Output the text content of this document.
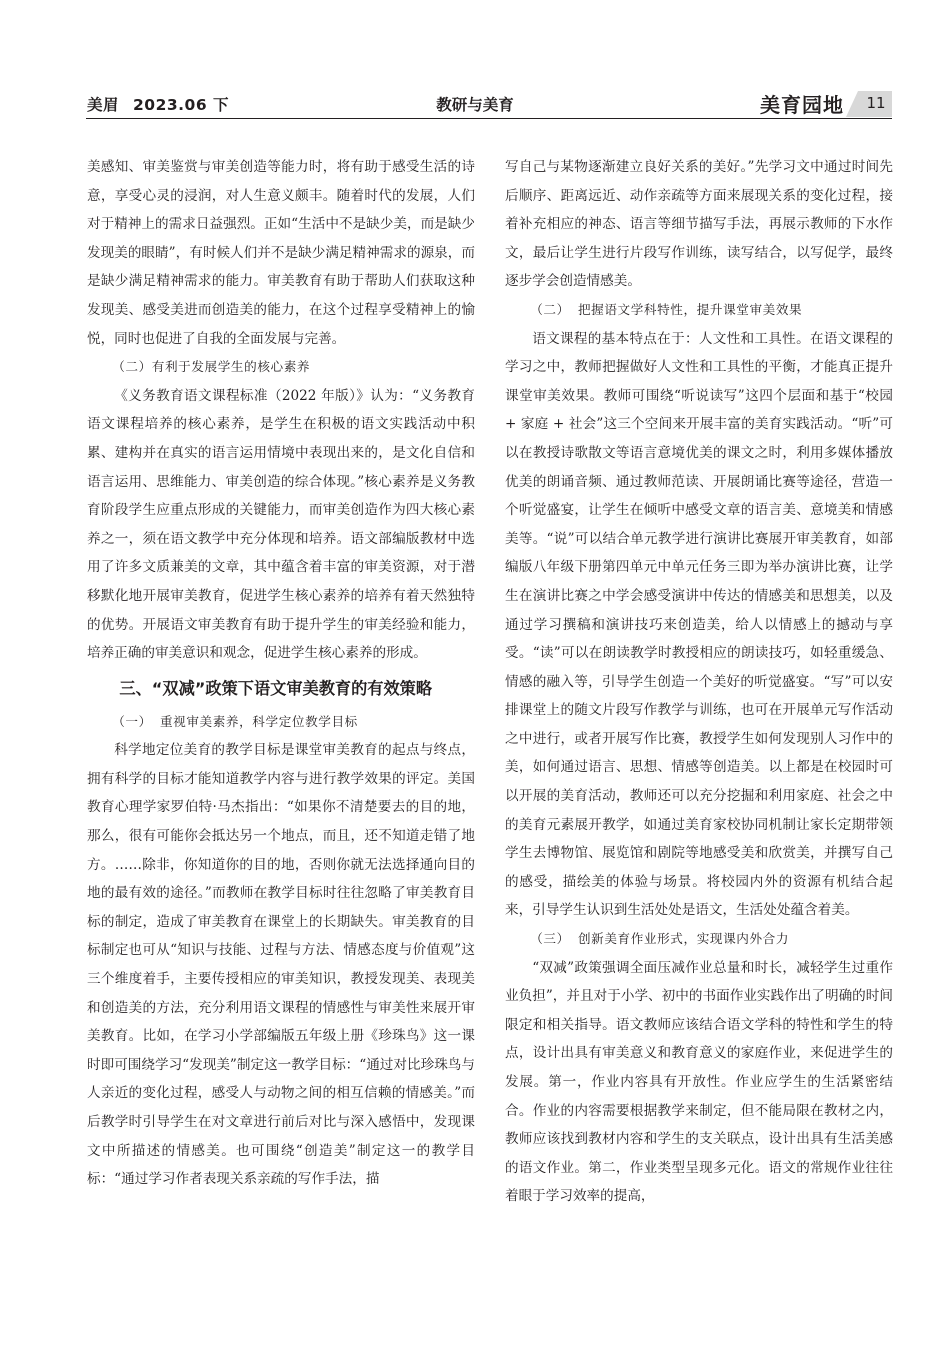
美眉 2023.06 下	教研与美育	美育园地	11

美感知、审美鉴赏与审美创造等能力时，将有助于感受生活的诗意，享受心灵的浸润，对人生意义颇丰。随着时代的发展，人们对于精神上的需求日益强烈。正如“生活中不是缺少美，而是缺少发现美的眼睛”，有时候人们并不是缺少满足精神需求的源泉，而是缺少满足精神需求的能力。审美教育有助于帮助人们获取这种发现美、感受美进而创造美的能力，在这个过程享受精神上的愉悦，同时也促进了自我的全面发展与完善。

（二）有利于发展学生的核心素养

《义务教育语文课程标准（2022 年版）》认为：“义务教育语文课程培养的核心素养，是学生在积极的语文实践活动中积累、建构并在真实的语言运用情境中表现出来的，是文化自信和语言运用、思维能力、审美创造的综合体现。”核心素养是义务教育阶段学生应重点形成的关键能力，而审美创造作为四大核心素养之一，须在语文教学中充分体现和培养。语文部编版教材中选用了许多文质兼美的文章，其中蕴含着丰富的审美资源，对于潜移默化地开展审美教育，促进学生核心素养的培养有着天然独特的优势。开展语文审美教育有助于提升学生的审美经验和能力，培养正确的审美意识和观念，促进学生核心素养的形成。

三、“双减”政策下语文审美教育的有效策略

（一） 重视审美素养，科学定位教学目标

科学地定位美育的教学目标是课堂审美教育的起点与终点，拥有科学的目标才能知道教学内容与进行教学效果的评定。美国教育心理学家罗伯特·马杰指出：“如果你不清楚要去的目的地，那么，很有可能你会抵达另一个地点，而且，还不知道走错了地方。……除非，你知道你的目的地，否则你就无法选择通向目的地的最有效的途径。”而教师在教学目标时往往忽略了审美教育目标的制定，造成了审美教育在课堂上的长期缺失。审美教育的目标制定也可从“知识与技能、过程与方法、情感态度与价值观”这三个维度着手，主要传授相应的审美知识，教授发现美、表现美和创造美的方法，充分利用语文课程的情感性与审美性来展开审美教育。比如，在学习小学部编版五年级上册《珍珠鸟》这一课时即可围绕学习“发现美”制定这一教学目标：“通过对比珍珠鸟与人亲近的变化过程，感受人与动物之间的相互信赖的情感美。”而后教学时引导学生在对文章进行前后对比与深入感悟中，发现课文中所描述的情感美。也可围绕“创造美”制定这一的教学目标：“通过学习作者表现关系亲疏的写作手法，描

写自己与某物逐渐建立良好关系的美好。”先学习文中通过时间先后顺序、距离远近、动作亲疏等方面来展现关系的变化过程，接着补充相应的神态、语言等细节描写手法，再展示教师的下水作文，最后让学生进行片段写作训练，读写结合，以写促学，最终逐步学会创造情感美。

（二） 把握语文学科特性，提升课堂审美效果

语文课程的基本特点在于：人文性和工具性。在语文课程的学习之中，教师把握做好人文性和工具性的平衡，才能真正提升课堂审美效果。教师可围绕“听说读写”这四个层面和基于“校园 + 家庭 + 社会”这三个空间来开展丰富的美育实践活动。“听”可以在教授诗歌散文等语言意境优美的课文之时，利用多媒体播放优美的朗诵音频、通过教师范读、开展朗诵比赛等途径，营造一个听觉盛宴，让学生在倾听中感受文章的语言美、意境美和情感美等。“说”可以结合单元教学进行演讲比赛展开审美教育，如部编版八年级下册第四单元中单元任务三即为举办演讲比赛，让学生在演讲比赛之中学会感受演讲中传达的情感美和思想美，以及通过学习撰稿和演讲技巧来创造美，给人以情感上的撼动与享受。“读”可以在朗读教学时教授相应的朗读技巧，如轻重缓急、情感的融入等，引导学生创造一个美好的听觉盛宴。“写”可以安排课堂上的随文片段写作教学与训练，也可在开展单元写作活动之中进行，或者开展写作比赛，教授学生如何发现别人习作中的美，如何通过语言、思想、情感等创造美。以上都是在校园时可以开展的美育活动，教师还可以充分挖掘和利用家庭、社会之中的美育元素展开教学，如通过美育家校协同机制让家长定期带领学生去博物馆、展览馆和剧院等地感受美和欣赏美，并撰写自己的感受，描绘美的体验与场景。将校园内外的资源有机结合起来，引导学生认识到生活处处是语文，生活处处蕴含着美。

（三） 创新美育作业形式，实现课内外合力

“双减”政策强调全面压减作业总量和时长，减轻学生过重作业负担”，并且对于小学、初中的书面作业实践作出了明确的时间限定和相关指导。语文教师应该结合语文学科的特性和学生的特点，设计出具有审美意义和教育意义的家庭作业，来促进学生的发展。第一，作业内容具有开放性。作业应学生的生活紧密结合。作业的内容需要根据教学来制定，但不能局限在教材之内，教师应该找到教材内容和学生的支关联点，设计出具有生活美感的语文作业。第二，作业类型呈现多元化。语文的常规作业往往着眼于学习效率的提高，
